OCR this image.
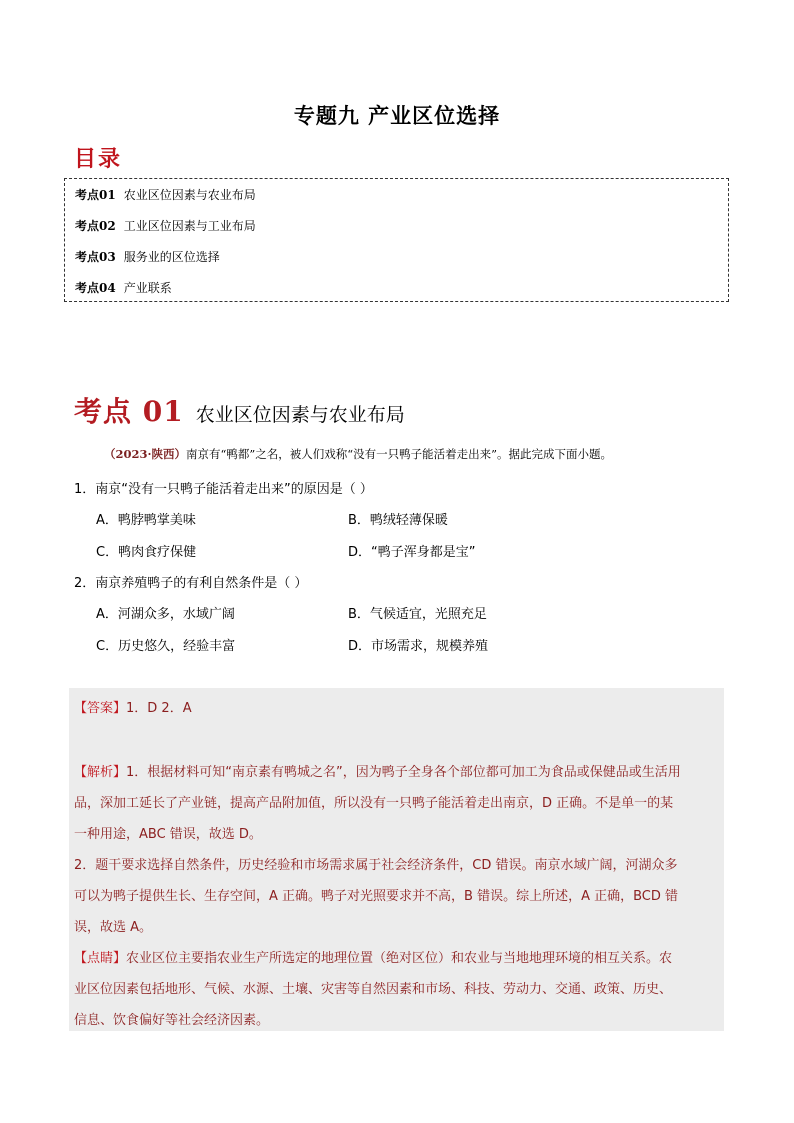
专题九 产业区位选择
目录
考点01 农业区位因素与农业布局
考点02 工业区位因素与工业布局
考点03 服务业的区位选择
考点04 产业联系
考点 01 农业区位因素与农业布局
（2023·陕西）南京有“鸭都”之名，被人们戏称“没有一只鸭子能活着走出来”。据此完成下面小题。
1．南京“没有一只鸭子能活着走出来”的原因是（ ）
A．鸭脖鸭掌美味	B．鸭绒轻薄保暖
C．鸭肉食疗保健	D．“鸭子浑身都是宝”
2．南京养殖鸭子的有利自然条件是（ ）
A．河湖众多，水域广阔	B．气候适宜，光照充足
C．历史悠久，经验丰富	D．市场需求，规模养殖
【答案】1．D 2．A
【解析】1．根据材料可知“南京素有鸭城之名”，因为鸭子全身各个部位都可加工为食品或保健品或生活用
品，深加工延长了产业链，提高产品附加值，所以没有一只鸭子能活着走出南京，D 正确。不是单一的某
一种用途，ABC 错误，故选 D。
2．题干要求选择自然条件，历史经验和市场需求属于社会经济条件，CD 错误。南京水域广阔，河湖众多
可以为鸭子提供生长、生存空间，A 正确。鸭子对光照要求并不高，B 错误。综上所述，A 正确，BCD 错
误，故选 A。
【点睛】农业区位主要指农业生产所选定的地理位置（绝对区位）和农业与当地地理环境的相互关系。农
业区位因素包括地形、气候、水源、土壤、灾害等自然因素和市场、科技、劳动力、交通、政策、历史、
信息、饮食偏好等社会经济因素。
